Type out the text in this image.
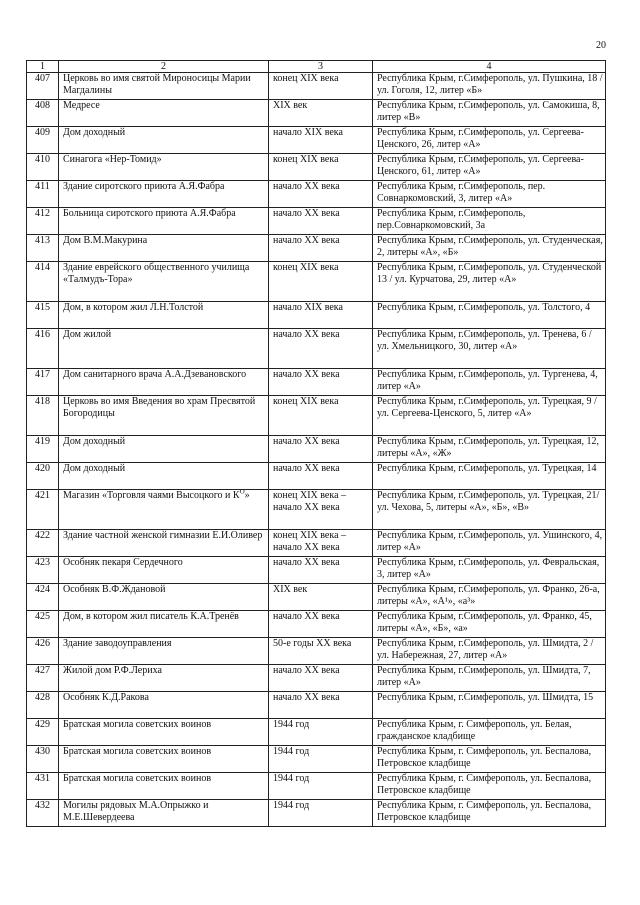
20
1	2	3	4
407	Церковь во имя святой Мироносицы Марии Магдалины	конец XIX века	Республика Крым, г.Симферополь, ул. Пушкина, 18 / ул. Гоголя, 12, литер «Б»
408	Медресе	XIX век	Республика Крым, г.Симферополь, ул. Самокиша, 8, литер «В»
409	Дом доходный	начало XIX века	Республика Крым, г.Симферополь, ул. Сергеева-Ценского, 26, литер «А»
410	Синагога «Нер-Томид»	конец XIX века	Республика Крым, г.Симферополь, ул. Сергеева-Ценского, 61, литер «А»
411	Здание сиротского приюта А.Я.Фабра	начало XX века	Республика Крым, г.Симферополь, пер. Совнаркомовский, 3, литер «А»
412	Больница сиротского приюта А.Я.Фабра	начало XX века	Республика Крым, г.Симферополь, пер.Совнаркомовский, 3а
413	Дом В.М.Макурина	начало XX века	Республика Крым, г.Симферополь, ул. Студенческая, 2, литеры «А», «Б»
414	Здание еврейского общественного училища «Талмудъ-Тора»	конец XIX века	Республика Крым, г.Симферополь, ул. Студенческой 13 / ул. Курчатова, 29, литер «А»
415	Дом, в котором жил Л.Н.Толстой	начало XIX века	Республика Крым, г.Симферополь, ул. Толстого, 4
416	Дом жилой	начало XX века	Республика Крым, г.Симферополь, ул. Тренева, 6 / ул. Хмельницкого, 30, литер «А»
417	Дом санитарного врача А.А.Дзевановского	начало XX века	Республика Крым, г.Симферополь, ул. Тургенева, 4, литер «А»
418	Церковь во имя Введения во храм Пресвятой Богородицы	конец XIX века	Республика Крым, г.Симферополь, ул. Турецкая, 9 / ул. Сергеева-Ценского, 5, литер «А»
419	Дом доходный	начало XX века	Республика Крым, г.Симферополь, ул. Турецкая, 12, литеры «А», «Ж»
420	Дом доходный	начало XX века	Республика Крым, г.Симферополь, ул. Турецкая, 14
421	Магазин «Торговля чаями Высоцкого и $К^О$»	конец XIX века – начало XX века	Республика Крым, г.Симферополь, ул. Турецкая, 21/ ул. Чехова, 5, литеры «А», «Б», «В»
422	Здание частной женской гимназии Е.И.Оливер	конец XIX века – начало XX века	Республика Крым, г.Симферополь, ул. Ушинского, 4, литер «А»
423	Особняк пекаря Сердечного	начало XX века	Республика Крым, г.Симферополь, ул. Февральская, 3, литер «А»
424	Особняк В.Ф.Ждановой	XIX век	Республика Крым, г.Симферополь, ул. Франко, 26-а, литеры «А», «А¹», «а³»
425	Дом, в котором жил писатель К.А.Тренёв	начало XX века	Республика Крым, г.Симферополь, ул. Франко, 45, литеры «А», «Б», «а»
426	Здание заводоуправления	50-е годы XX века	Республика Крым, г.Симферополь, ул. Шмидта, 2 / ул. Набережная, 27, литер «А»
427	Жилой дом Р.Ф.Лериха	начало XX века	Республика Крым, г.Симферополь, ул. Шмидта, 7, литер «А»
428	Особняк К.Д.Ракова	начало XX века	Республика Крым, г.Симферополь, ул. Шмидта, 15
429	Братская могила советских воинов	1944 год	Республика Крым, г. Симферополь, ул. Белая, гражданское кладбище
430	Братская могила советских воинов	1944 год	Республика Крым, г. Симферополь, ул. Беспалова, Петровское кладбище
431	Братская могила советских воинов	1944 год	Республика Крым, г. Симферополь, ул. Беспалова, Петровское кладбище
432	Могилы рядовых М.А.Опрыжко и М.Е.Шевердеева	1944 год	Республика Крым, г. Симферополь, ул. Беспалова, Петровское кладбище
